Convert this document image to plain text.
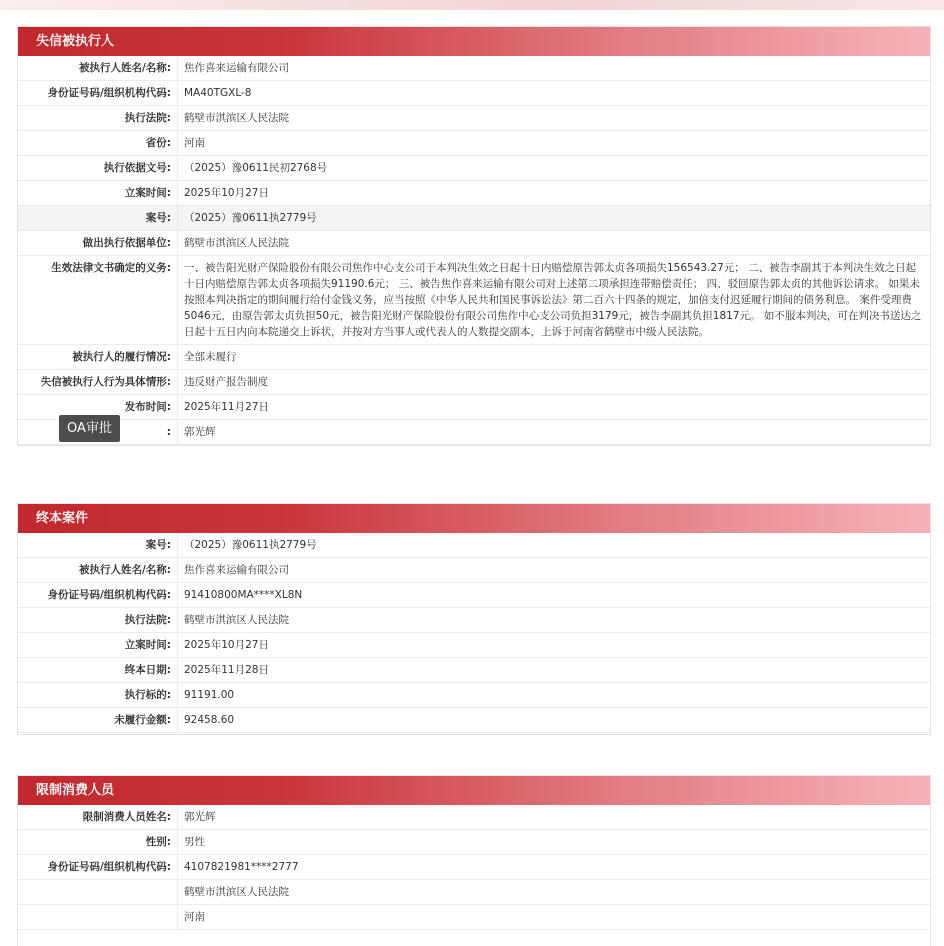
失信被执行人
被执行人姓名/名称:	焦作喜来运输有限公司
身份证号码/组织机构代码:	MA40TGXL-8
执行法院:	鹤壁市淇滨区人民法院
省份:	河南
执行依据文号:	（2025）豫0611民初2768号
立案时间:	2025年10月27日
案号:	（2025）豫0611执2779号
做出执行依据单位:	鹤壁市淇滨区人民法院
生效法律文书确定的义务:	一、被告阳光财产保险股份有限公司焦作中心支公司于本判决生效之日起十日内赔偿原告郭太贞各项损失156543.27元； 二、被告李副其于本判决生效之日起十日内赔偿原告郭太贞各项损失91190.6元； 三、被告焦作喜来运输有限公司对上述第二项承担连带赔偿责任； 四、驳回原告郭太贞的其他诉讼请求。 如果未按照本判决指定的期间履行给付金钱义务，应当按照《中华人民共和国民事诉讼法》第二百六十四条的规定，加倍支付迟延履行期间的债务利息。 案件受理费5046元，由原告郭太贞负担50元，被告阳光财产保险股份有限公司焦作中心支公司负担3179元，被告李副其负担1817元。 如不服本判决，可在判决书送达之日起十五日内向本院递交上诉状，并按对方当事人或代表人的人数提交副本，上诉于河南省鹤壁市中级人民法院。
被执行人的履行情况:	全部未履行
失信被执行人行为具体情形:	违反财产报告制度
发布时间:	2025年11月27日
:	郭光辉
终本案件
案号:	（2025）豫0611执2779号
被执行人姓名/名称:	焦作喜来运输有限公司
身份证号码/组织机构代码:	91410800MA****XL8N
执行法院:	鹤壁市淇滨区人民法院
立案时间:	2025年10月27日
终本日期:	2025年11月28日
执行标的:	91191.00
未履行金额:	92458.60
限制消费人员
限制消费人员姓名:	郭光辉
性别:	男性
身份证号码/组织机构代码:	4107821981****2777
	鹤壁市淇滨区人民法院
	河南
OA审批
